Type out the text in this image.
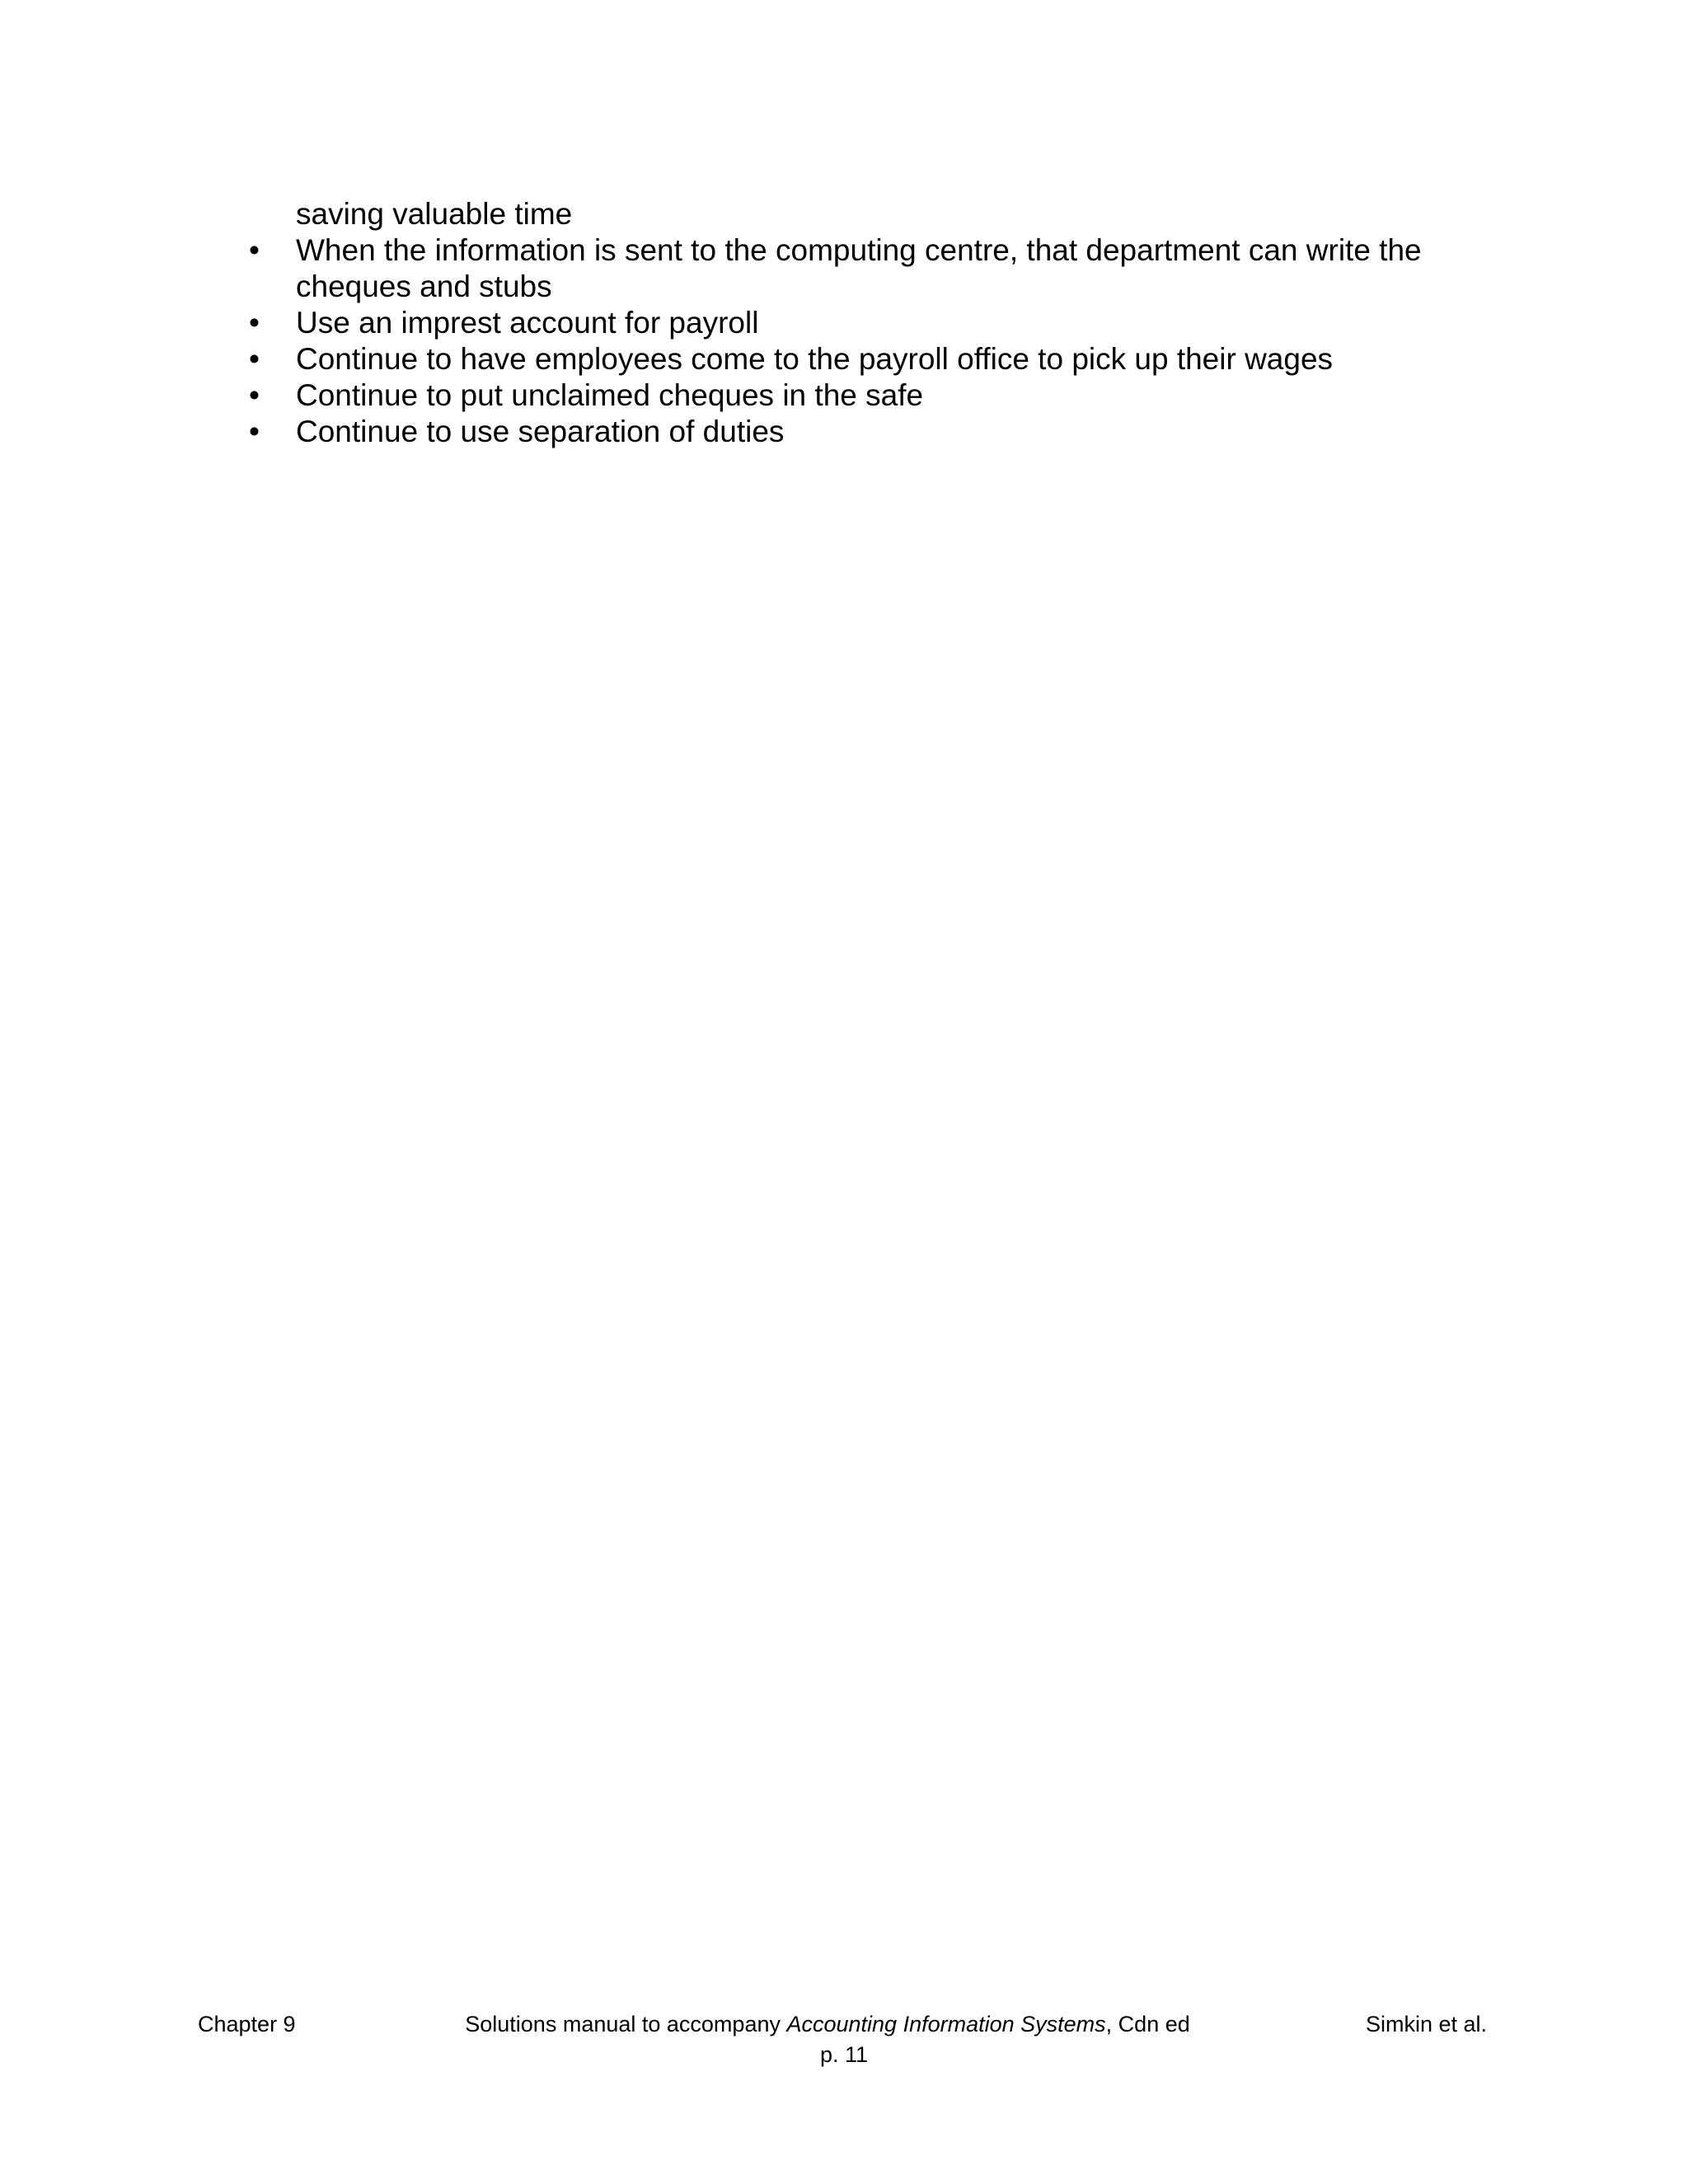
saving valuable time
• When the information is sent to the computing centre, that department can write the cheques and stubs
• Use an imprest account for payroll
• Continue to have employees come to the payroll office to pick up their wages
• Continue to put unclaimed cheques in the safe
• Continue to use separation of duties
Chapter 9	Solutions manual to accompany Accounting Information Systems, Cdn ed	Simkin et al.
p. 11
